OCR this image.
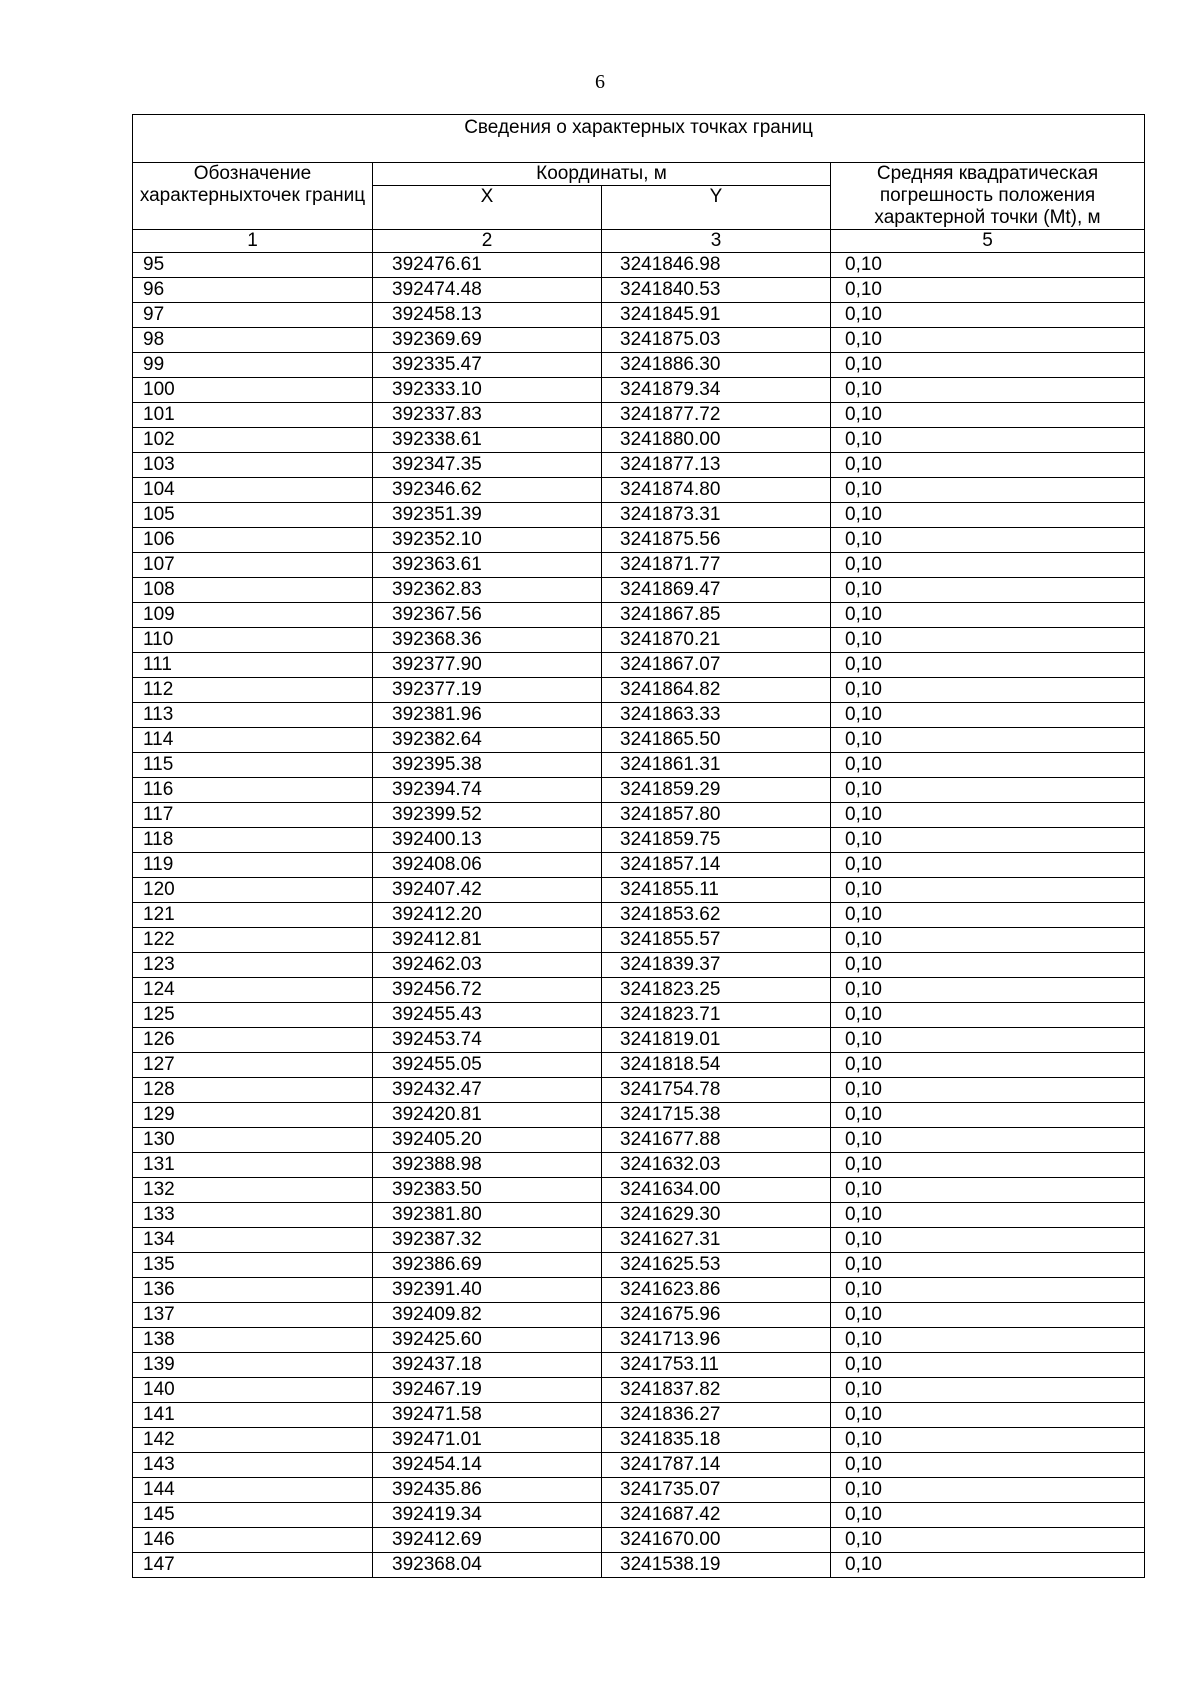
6
Сведения о характерных точках границ			
Обозначение характерныхточек границ	Координаты, м		Средняя квадратическая погрешность положения характерной точки (Mt), м
	X	Y	
1	2	3	5
95	392476.61	3241846.98	0,10
96	392474.48	3241840.53	0,10
97	392458.13	3241845.91	0,10
98	392369.69	3241875.03	0,10
99	392335.47	3241886.30	0,10
100	392333.10	3241879.34	0,10
101	392337.83	3241877.72	0,10
102	392338.61	3241880.00	0,10
103	392347.35	3241877.13	0,10
104	392346.62	3241874.80	0,10
105	392351.39	3241873.31	0,10
106	392352.10	3241875.56	0,10
107	392363.61	3241871.77	0,10
108	392362.83	3241869.47	0,10
109	392367.56	3241867.85	0,10
110	392368.36	3241870.21	0,10
111	392377.90	3241867.07	0,10
112	392377.19	3241864.82	0,10
113	392381.96	3241863.33	0,10
114	392382.64	3241865.50	0,10
115	392395.38	3241861.31	0,10
116	392394.74	3241859.29	0,10
117	392399.52	3241857.80	0,10
118	392400.13	3241859.75	0,10
119	392408.06	3241857.14	0,10
120	392407.42	3241855.11	0,10
121	392412.20	3241853.62	0,10
122	392412.81	3241855.57	0,10
123	392462.03	3241839.37	0,10
124	392456.72	3241823.25	0,10
125	392455.43	3241823.71	0,10
126	392453.74	3241819.01	0,10
127	392455.05	3241818.54	0,10
128	392432.47	3241754.78	0,10
129	392420.81	3241715.38	0,10
130	392405.20	3241677.88	0,10
131	392388.98	3241632.03	0,10
132	392383.50	3241634.00	0,10
133	392381.80	3241629.30	0,10
134	392387.32	3241627.31	0,10
135	392386.69	3241625.53	0,10
136	392391.40	3241623.86	0,10
137	392409.82	3241675.96	0,10
138	392425.60	3241713.96	0,10
139	392437.18	3241753.11	0,10
140	392467.19	3241837.82	0,10
141	392471.58	3241836.27	0,10
142	392471.01	3241835.18	0,10
143	392454.14	3241787.14	0,10
144	392435.86	3241735.07	0,10
145	392419.34	3241687.42	0,10
146	392412.69	3241670.00	0,10
147	392368.04	3241538.19	0,10
